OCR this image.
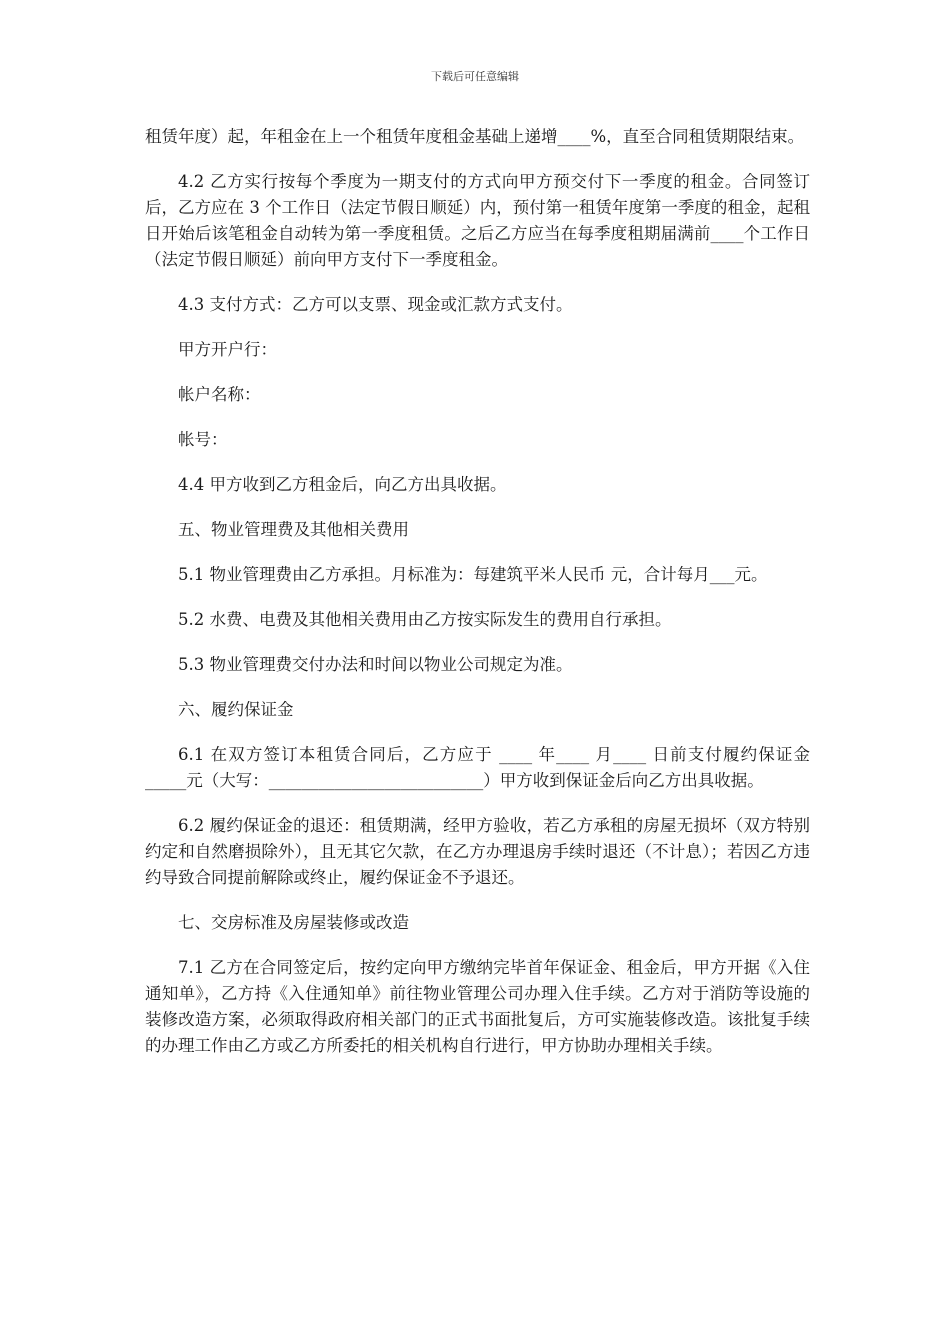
下载后可任意编辑

租赁年度）起，年租金在上一个租赁年度租金基础上递增____%，直至合同租赁期限结束。

4.2 乙方实行按每个季度为一期支付的方式向甲方预交付下一季度的租金。合同签订后，乙方应在 3 个工作日（法定节假日顺延）内，预付第一租赁年度第一季度的租金，起租日开始后该笔租金自动转为第一季度租赁。之后乙方应当在每季度租期届满前____个工作日（法定节假日顺延）前向甲方支付下一季度租金。

4.3 支付方式：乙方可以支票、现金或汇款方式支付。

甲方开户行：

帐户名称：

帐号：

4.4 甲方收到乙方租金后，向乙方出具收据。

五、物业管理费及其他相关费用

5.1 物业管理费由乙方承担。月标准为：每建筑平米人民币 元，合计每月___元。

5.2 水费、电费及其他相关费用由乙方按实际发生的费用自行承担。

5.3 物业管理费交付办法和时间以物业公司规定为准。

六、履约保证金

6.1 在双方签订本租赁合同后，乙方应于 ____ 年____ 月____ 日前支付履约保证金_____元（大写：__________________________）甲方收到保证金后向乙方出具收据。

6.2 履约保证金的退还：租赁期满，经甲方验收，若乙方承租的房屋无损坏（双方特别约定和自然磨损除外），且无其它欠款，在乙方办理退房手续时退还（不计息）；若因乙方违约导致合同提前解除或终止，履约保证金不予退还。

七、交房标准及房屋装修或改造

7.1 乙方在合同签定后，按约定向甲方缴纳完毕首年保证金、租金后，甲方开据《入住通知单》，乙方持《入住通知单》前往物业管理公司办理入住手续。乙方对于消防等设施的装修改造方案，必须取得政府相关部门的正式书面批复后，方可实施装修改造。该批复手续的办理工作由乙方或乙方所委托的相关机构自行进行，甲方协助办理相关手续。
